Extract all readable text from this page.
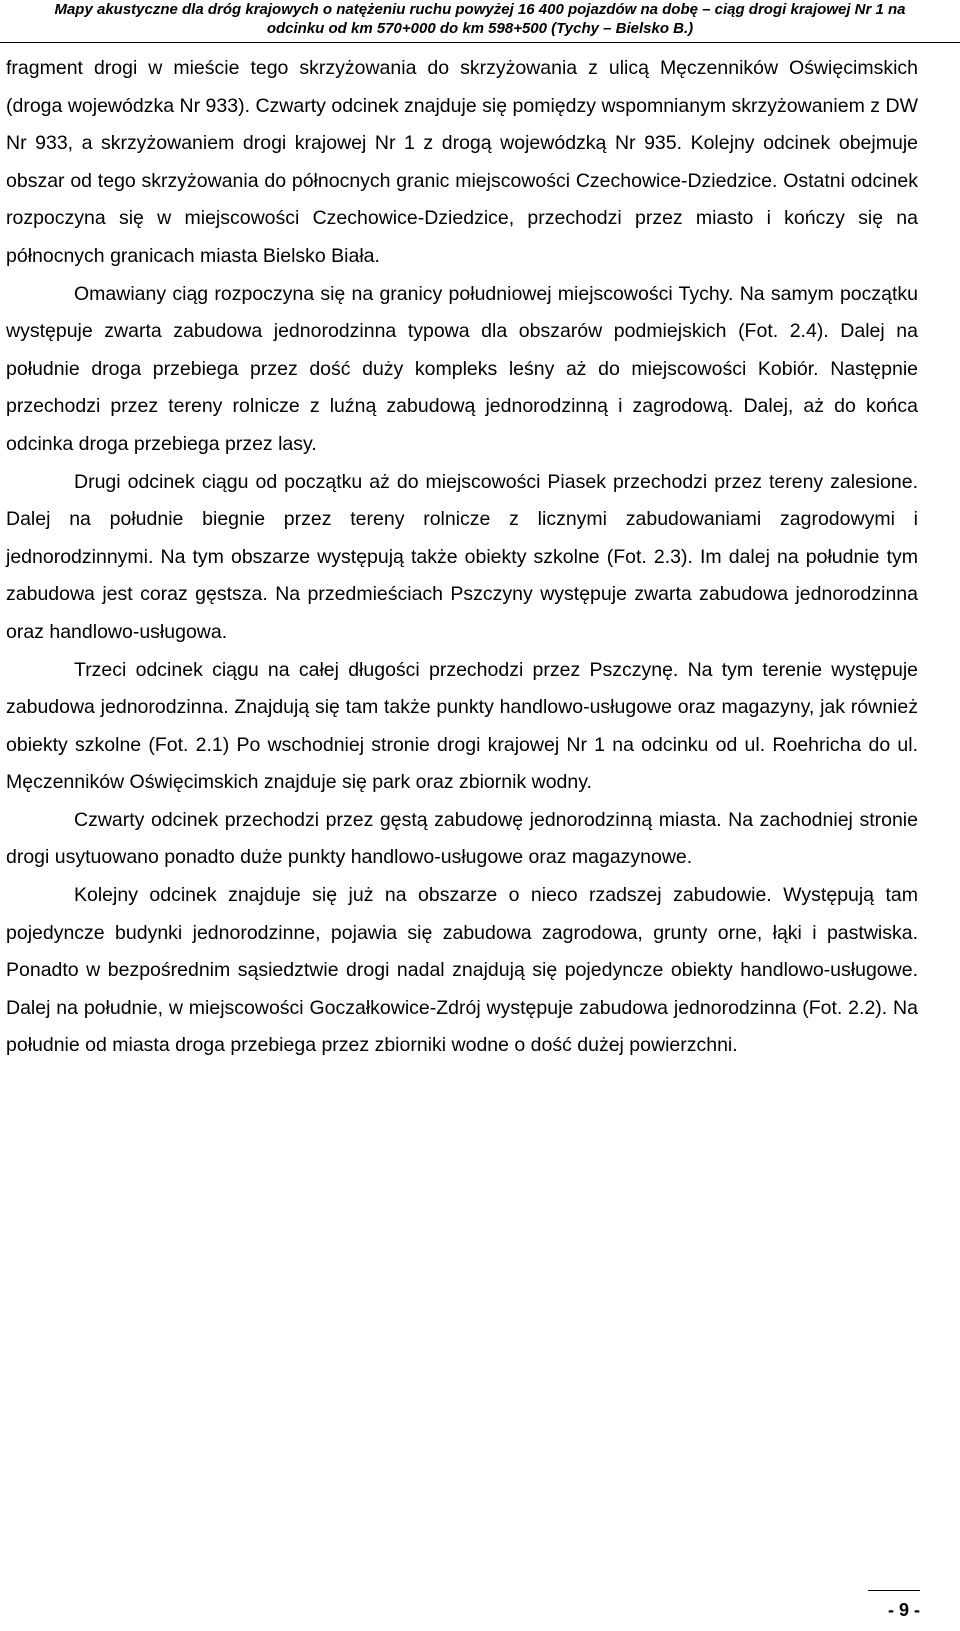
Mapy akustyczne dla dróg krajowych o natężeniu ruchu powyżej 16 400 pojazdów na dobę – ciąg drogi krajowej Nr 1 na
odcinku od km 570+000 do km 598+500 (Tychy – Bielsko B.)

fragment drogi w mieście tego skrzyżowania do skrzyżowania z ulicą Męczenników Oświęcimskich (droga wojewódzka Nr 933). Czwarty odcinek znajduje się pomiędzy wspomnianym skrzyżowaniem z DW Nr 933, a skrzyżowaniem drogi krajowej Nr 1 z drogą wojewódzką Nr 935. Kolejny odcinek obejmuje obszar od tego skrzyżowania do północnych granic miejscowości Czechowice-Dziedzice. Ostatni odcinek rozpoczyna się w miejscowości Czechowice-Dziedzice, przechodzi przez miasto i kończy się na północnych granicach miasta Bielsko Biała.

Omawiany ciąg rozpoczyna się na granicy południowej miejscowości Tychy. Na samym początku występuje zwarta zabudowa jednorodzinna typowa dla obszarów podmiejskich (Fot. 2.4). Dalej na południe droga przebiega przez dość duży kompleks leśny aż do miejscowości Kobiór. Następnie przechodzi przez tereny rolnicze z luźną zabudową jednorodzinną i zagrodową. Dalej, aż do końca odcinka droga przebiega przez lasy.

Drugi odcinek ciągu od początku aż do miejscowości Piasek przechodzi przez tereny zalesione. Dalej na południe biegnie przez tereny rolnicze z licznymi zabudowaniami zagrodowymi i jednorodzinnymi. Na tym obszarze występują także obiekty szkolne (Fot. 2.3). Im dalej na południe tym zabudowa jest coraz gęstsza. Na przedmieściach Pszczyny występuje zwarta zabudowa jednorodzinna oraz handlowo-usługowa.

Trzeci odcinek ciągu na całej długości przechodzi przez Pszczynę. Na tym terenie występuje zabudowa jednorodzinna. Znajdują się tam także punkty handlowo-usługowe oraz magazyny, jak również obiekty szkolne (Fot. 2.1) Po wschodniej stronie drogi krajowej Nr 1 na odcinku od ul. Roehricha do ul. Męczenników Oświęcimskich znajduje się park oraz zbiornik wodny.

Czwarty odcinek przechodzi przez gęstą zabudowę jednorodzinną miasta. Na zachodniej stronie drogi usytuowano ponadto duże punkty handlowo-usługowe oraz magazynowe.

Kolejny odcinek znajduje się już na obszarze o nieco rzadszej zabudowie. Występują tam pojedyncze budynki jednorodzinne, pojawia się zabudowa zagrodowa, grunty orne, łąki i pastwiska. Ponadto w bezpośrednim sąsiedztwie drogi nadal znajdują się pojedyncze obiekty handlowo-usługowe. Dalej na południe, w miejscowości Goczałkowice-Zdrój występuje zabudowa jednorodzinna (Fot. 2.2). Na południe od miasta droga przebiega przez zbiorniki wodne o dość dużej powierzchni.

- 9 -
